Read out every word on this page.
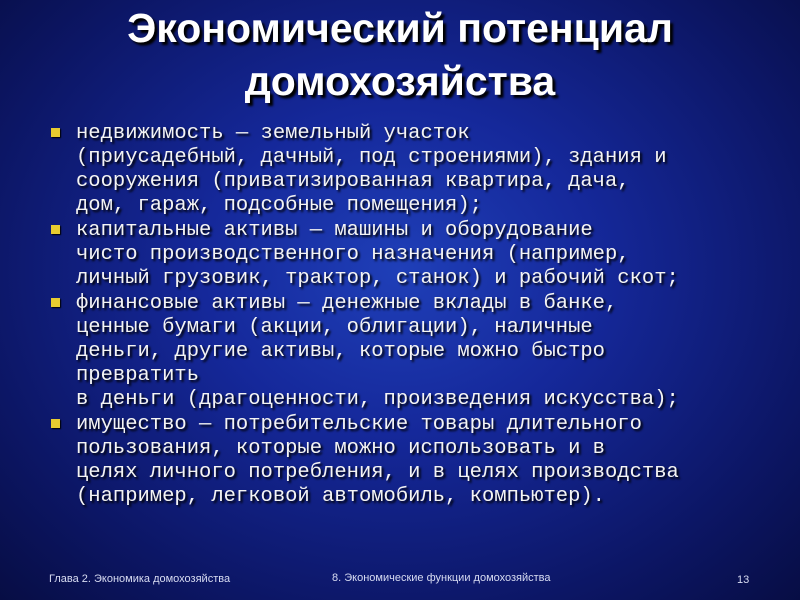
Экономический потенциал
домохозяйства
недвижимость — земельный участок
(приусадебный, дачный, под строениями), здания и
сооружения (приватизированная квартира, дача,
дом, гараж, подсобные помещения);
капитальные активы — машины и оборудование
чисто производственного назначения (например,
личный грузовик, трактор, станок) и рабочий скот;
финансовые активы — денежные вклады в банке,
ценные бумаги (акции, облигации), наличные
деньги, другие активы, которые можно быстро
превратить
в деньги (драгоценности, произведения искусства);
имущество — потребительские товары длительного
пользования, которые можно использовать и в
целях личного потребления, и в целях производства
(например, легковой автомобиль, компьютер).
Глава 2. Экономика домохозяйства	8. Экономические функции домохозяйства	13
